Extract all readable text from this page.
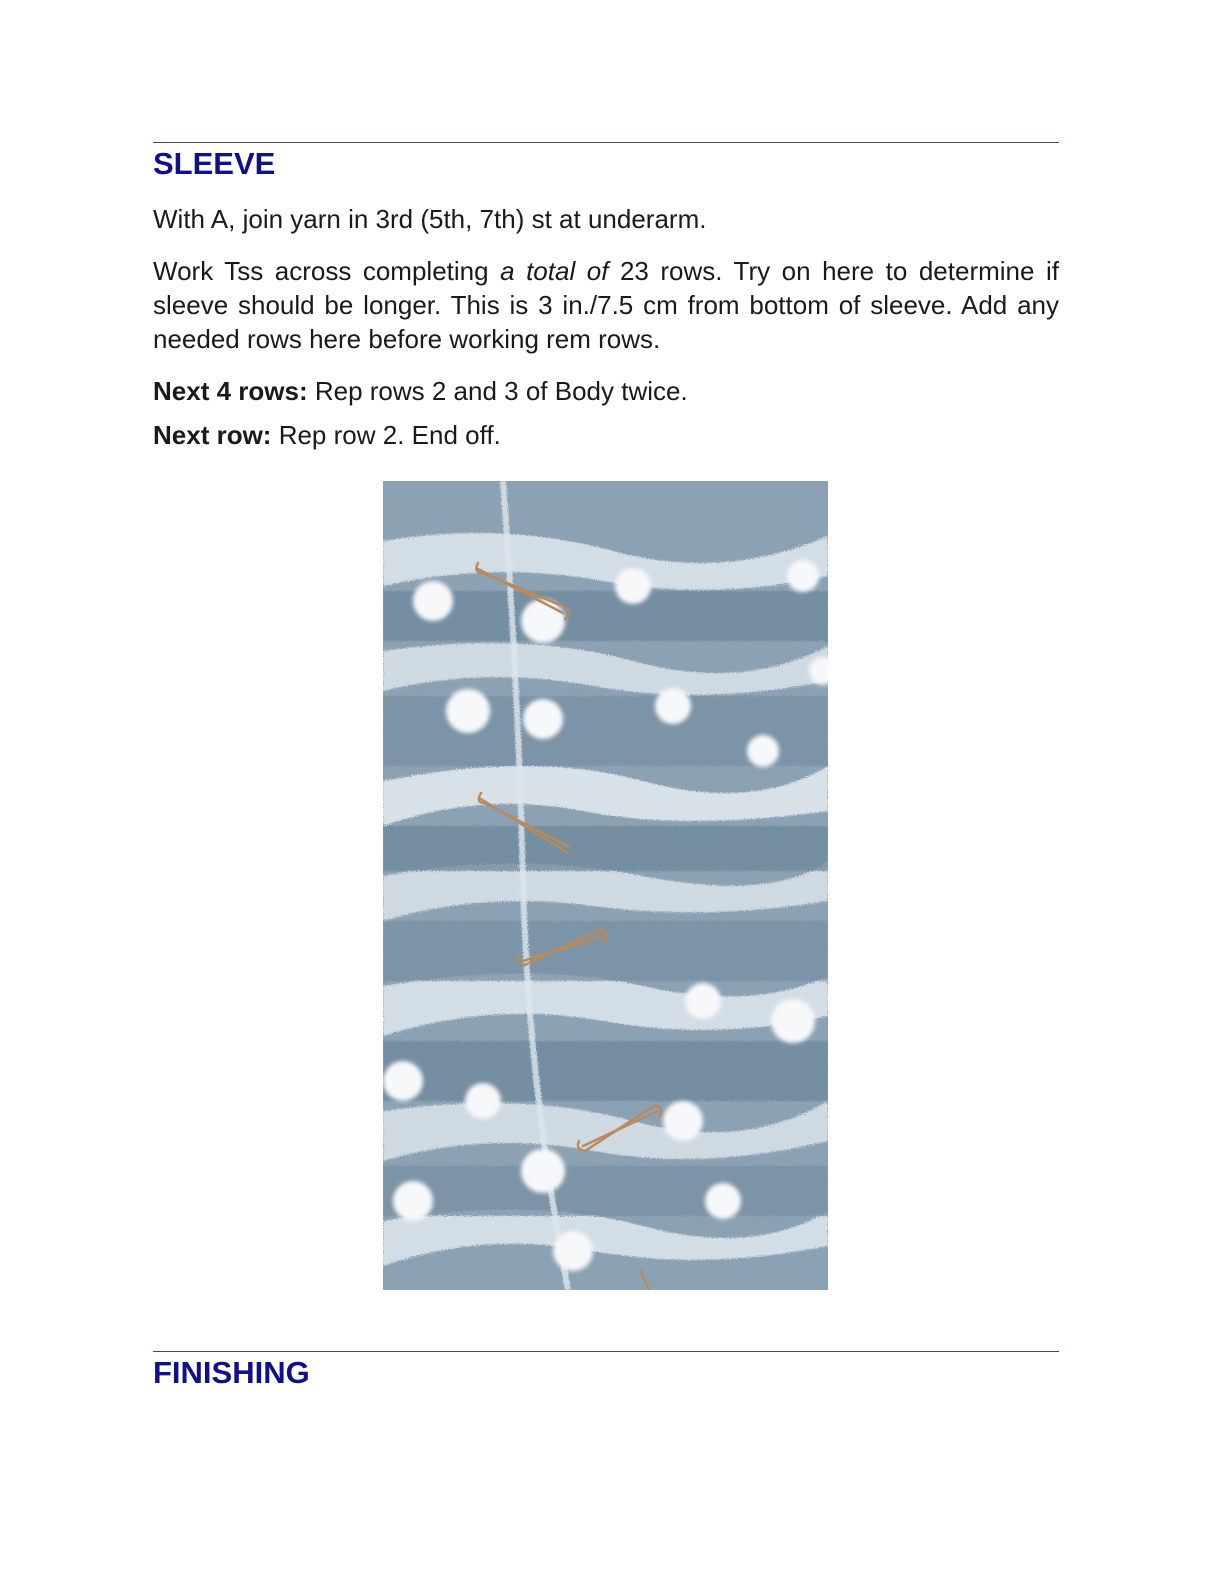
SLEEVE

With A, join yarn in 3rd (5th, 7th) st at underarm.

Work Tss across completing a total of 23 rows. Try on here to determine if sleeve should be longer. This is 3 in./7.5 cm from bottom of sleeve. Add any needed rows here before working rem rows.

Next 4 rows: Rep rows 2 and 3 of Body twice.

Next row: Rep row 2. End off.

FINISHING
